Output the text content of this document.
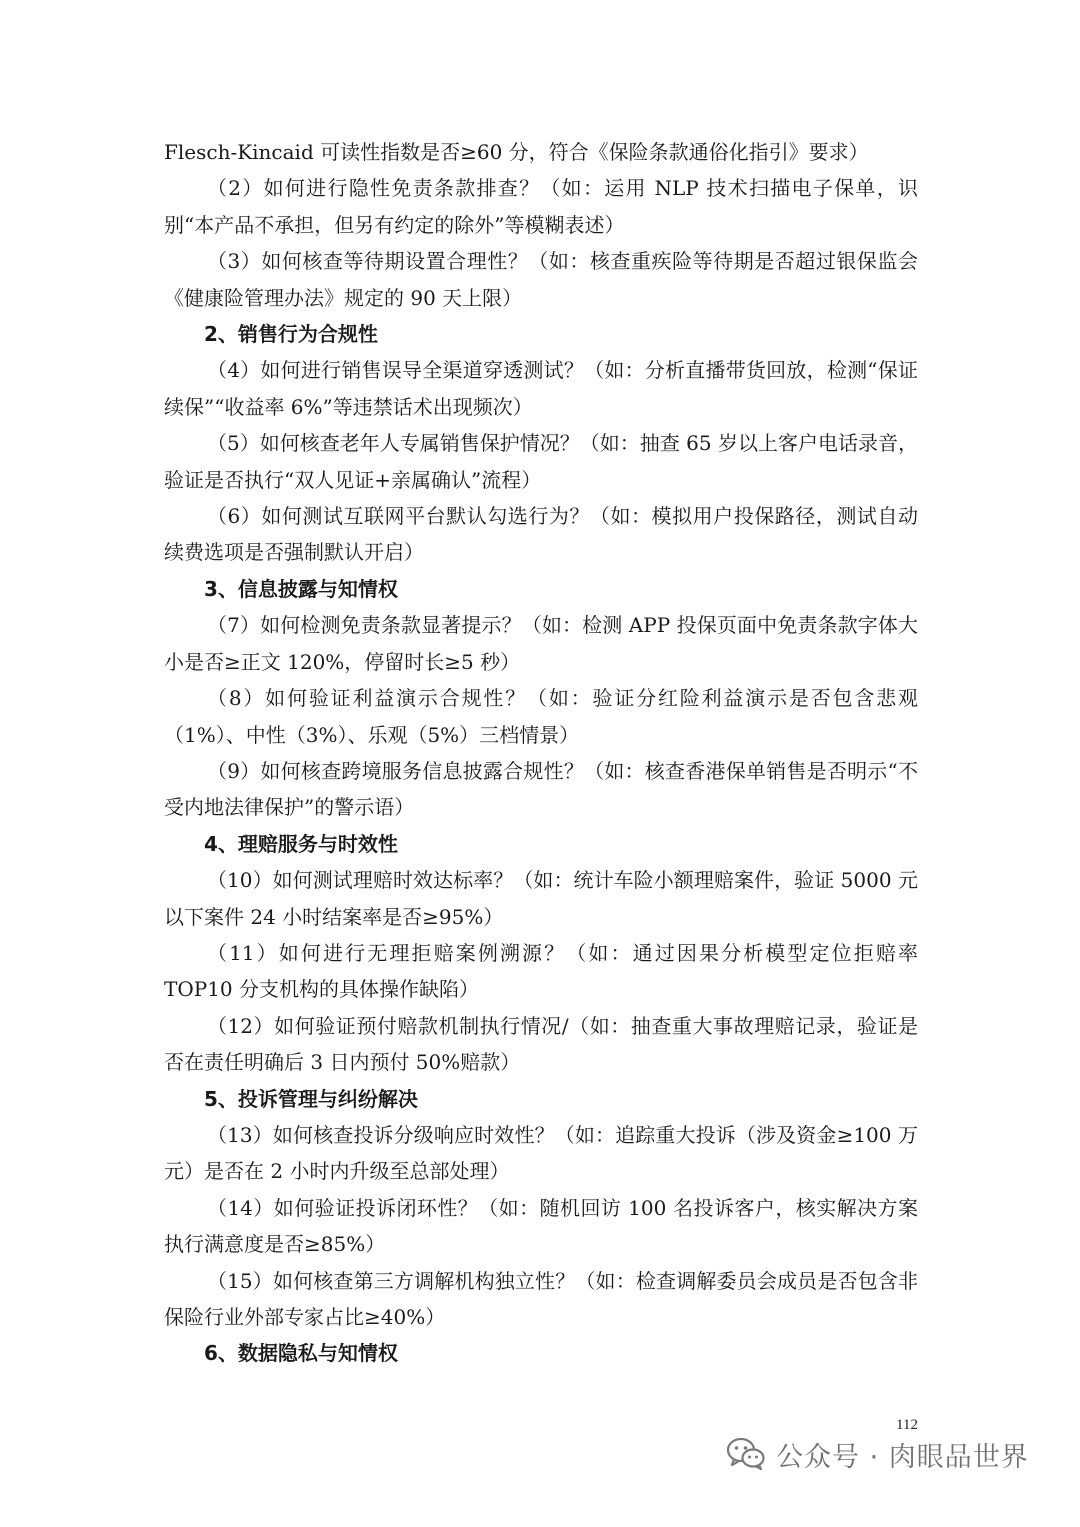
Flesch-Kincaid 可读性指数是否≥60 分，符合《保险条款通俗化指引》要求）

（2）如何进行隐性免责条款排查？（如：运用 NLP 技术扫描电子保单，识别“本产品不承担，但另有约定的除外”等模糊表述）

（3）如何核查等待期设置合理性？（如：核查重疾险等待期是否超过银保监会《健康险管理办法》规定的 90 天上限）

2、销售行为合规性

（4）如何进行销售误导全渠道穿透测试？（如：分析直播带货回放，检测“保证续保”“收益率 6%”等违禁话术出现频次）

（5）如何核查老年人专属销售保护情况？（如：抽查 65 岁以上客户电话录音，验证是否执行“双人见证+亲属确认”流程）

（6）如何测试互联网平台默认勾选行为？（如：模拟用户投保路径，测试自动续费选项是否强制默认开启）

3、信息披露与知情权

（7）如何检测免责条款显著提示？（如：检测 APP 投保页面中免责条款字体大小是否≥正文 120%，停留时长≥5 秒）

（8）如何验证利益演示合规性？（如：验证分红险利益演示是否包含悲观（1%）、中性（3%）、乐观（5%）三档情景）

（9）如何核查跨境服务信息披露合规性？（如：核查香港保单销售是否明示“不受内地法律保护”的警示语）

4、理赔服务与时效性

（10）如何测试理赔时效达标率？（如：统计车险小额理赔案件，验证 5000 元以下案件 24 小时结案率是否≥95%）

（11）如何进行无理拒赔案例溯源？（如：通过因果分析模型定位拒赔率 TOP10 分支机构的具体操作缺陷）

（12）如何验证预付赔款机制执行情况/（如：抽查重大事故理赔记录，验证是否在责任明确后 3 日内预付 50%赔款）

5、投诉管理与纠纷解决

（13）如何核查投诉分级响应时效性？（如：追踪重大投诉（涉及资金≥100 万元）是否在 2 小时内升级至总部处理）

（14）如何验证投诉闭环性？（如：随机回访 100 名投诉客户，核实解决方案执行满意度是否≥85%）

（15）如何核查第三方调解机构独立性？（如：检查调解委员会成员是否包含非保险行业外部专家占比≥40%）

6、数据隐私与知情权

112
公众号 · 肉眼品世界
